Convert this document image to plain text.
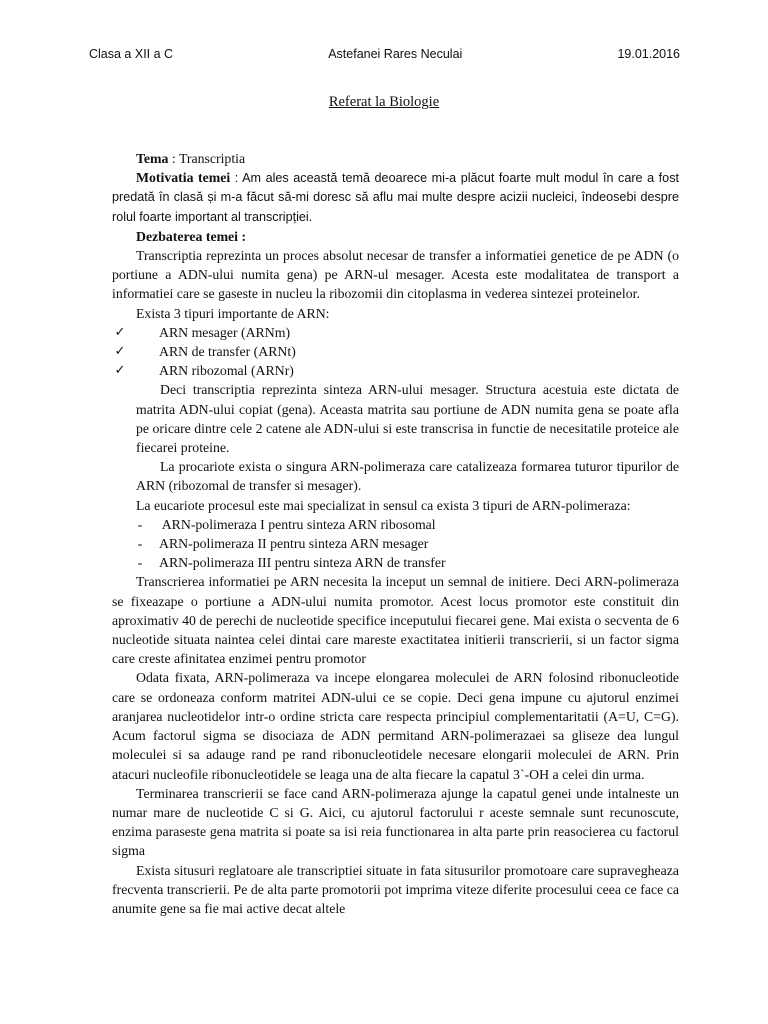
Clasa a XII a C	Astefanei Rares Neculai	19.01.2016
Referat la Biologie

Tema : Transcriptia

Motivatia temei : Am ales această temă deoarece mi-a plăcut foarte mult modul în care a fost predată în clasă și m-a făcut să-mi doresc să aflu mai multe despre acizii nucleici, îndeosebi despre rolul foarte important al transcripției.

Dezbaterea temei :

Transcriptia reprezinta un proces absolut necesar de transfer a informatiei genetice de pe ADN (o portiune a ADN-ului numita gena) pe ARN-ul mesager. Acesta este modalitatea de transport a informatiei care se gaseste in nucleu la ribozomii din citoplasma in vederea sintezei proteinelor.

Exista 3 tipuri importante de ARN:

✓ ARN mesager (ARNm)
✓ ARN de transfer (ARNt)
✓ ARN ribozomal (ARNr)

Deci transcriptia reprezinta sinteza ARN-ului mesager. Structura acestuia este dictata de matrita ADN-ului copiat (gena). Aceasta matrita sau portiune de ADN numita gena se poate afla pe oricare dintre cele 2 catene ale ADN-ului si este transcrisa in functie de necesitatile proteice ale fiecarei proteine.

La procariote exista o singura ARN-polimeraza care catalizeaza formarea tuturor tipurilor de ARN (ribozomal de transfer si mesager).

La eucariote procesul este mai specializat in sensul ca exista 3 tipuri de ARN-polimeraza:

-	ARN-polimeraza I pentru sinteza ARN ribosomal
-	ARN-polimeraza II pentru sinteza ARN mesager
-	ARN-polimeraza III pentru sinteza ARN de transfer

Transcrierea informatiei pe ARN necesita la inceput un semnal de initiere. Deci ARN-polimeraza se fixeazape o portiune a ADN-ului numita promotor. Acest locus promotor este constituit din aproximativ 40 de perechi de nucleotide specifice inceputului fiecarei gene. Mai exista o secventa de 6 nucleotide situata naintea celei dintai care mareste exactitatea initierii transcrierii, si un factor sigma care creste afinitatea enzimei pentru promotor

Odata fixata, ARN-polimeraza va incepe elongarea moleculei de ARN folosind ribonucleotide care se ordoneaza conform matritei ADN-ului ce se copie. Deci gena impune cu ajutorul enzimei aranjarea nucleotidelor intr-o ordine stricta care respecta principiul complementaritatii (A=U, C=G). Acum factorul sigma se disociaza de ADN permitand ARN-polimerazaei sa gliseze dea lungul moleculei si sa adauge rand pe rand ribonucleotidele necesare elongarii moleculei de ARN. Prin atacuri nucleofile ribonucleotidele se leaga una de alta fiecare la capatul 3`-OH a celei din urma.

Terminarea transcrierii se face cand ARN-polimeraza ajunge la capatul genei unde intalneste un numar mare de nucleotide C si G. Aici, cu ajutorul factorului r aceste semnale sunt recunoscute, enzima paraseste gena matrita si poate sa isi reia functionarea in alta parte prin reasocierea cu factorul sigma

Exista situsuri reglatoare ale transcriptiei situate in fata situsurilor promotoare care supravegheaza frecventa transcrierii. Pe de alta parte promotorii pot imprima viteze diferite procesului ceea ce face ca anumite gene sa fie mai active decat altele
